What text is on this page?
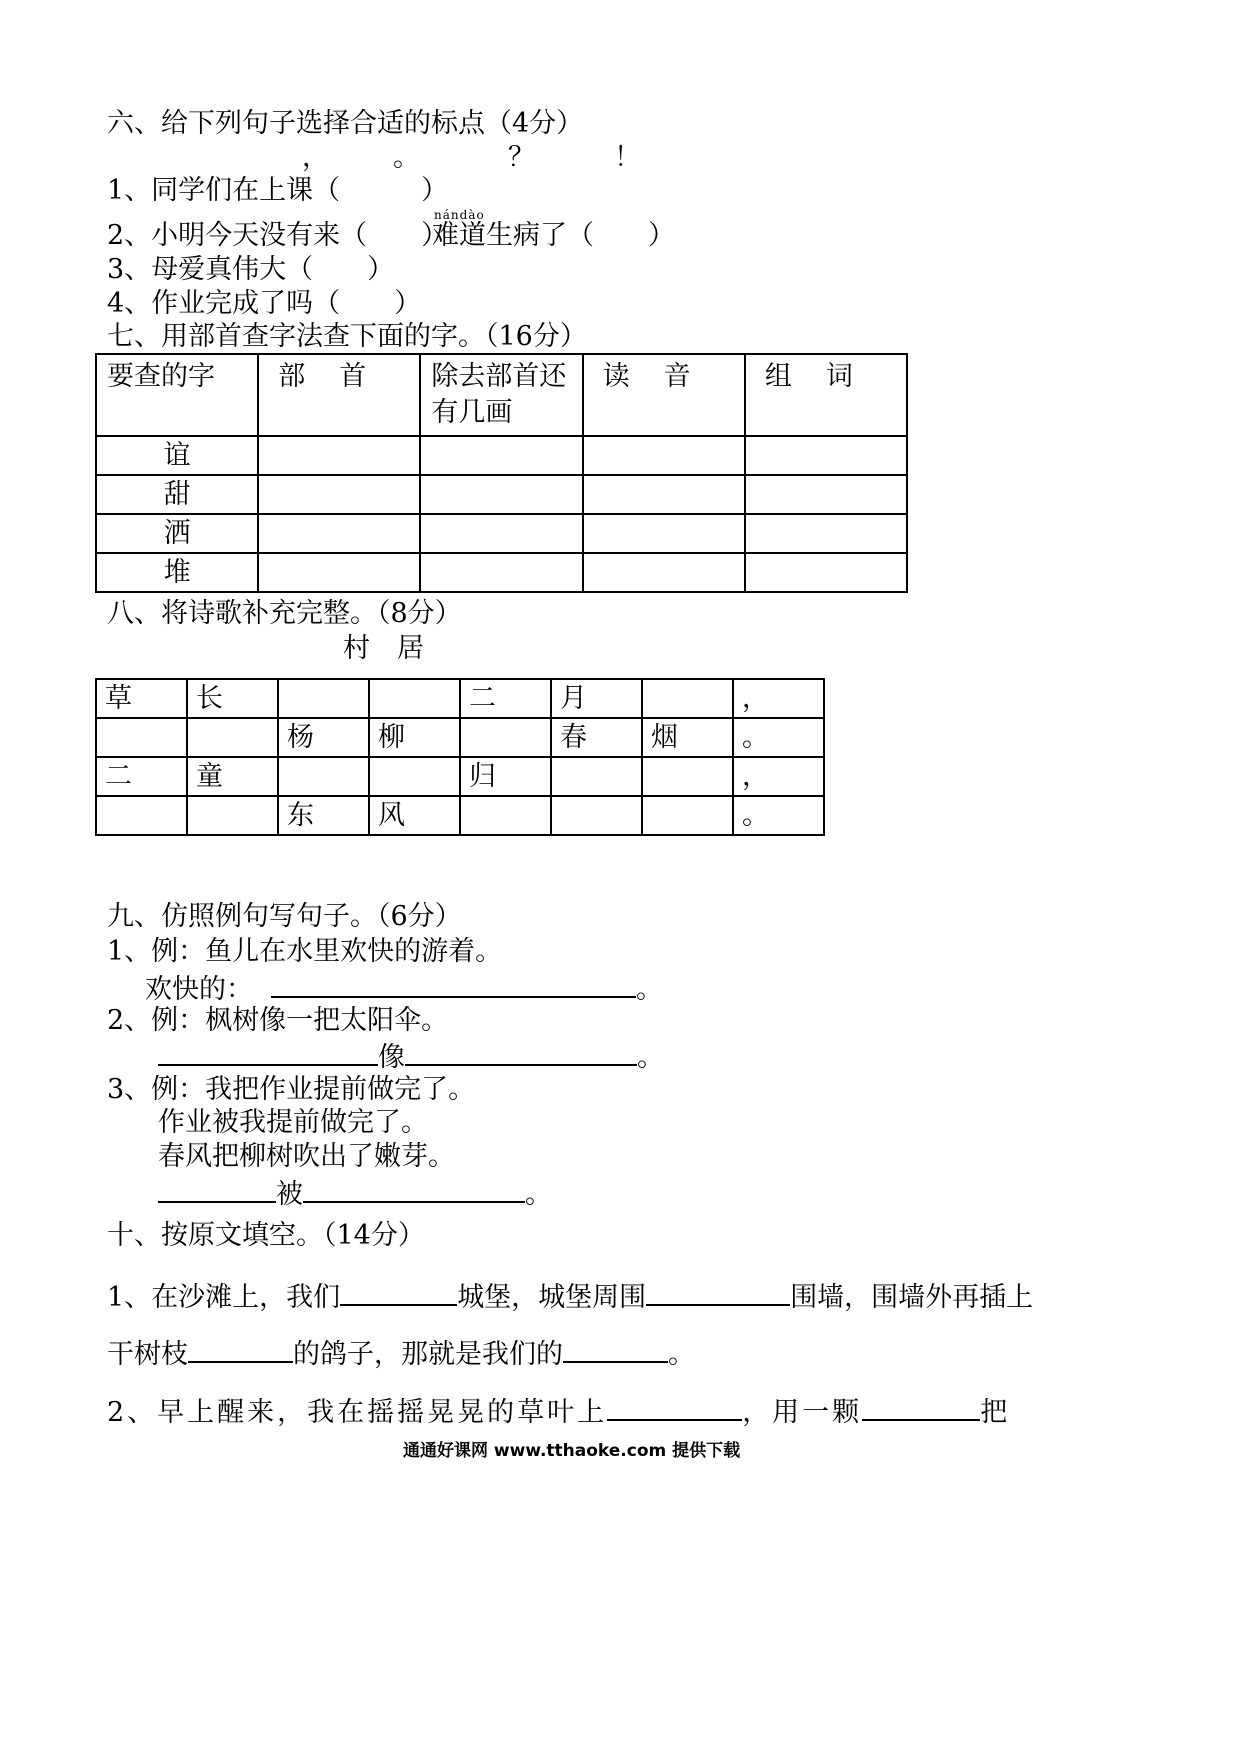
六、给下列句子选择合适的标点（4分）
， 。	？	！
1、同学们在上课（　　　）
nándào
2、小明今天没有来（　　）
难道生病了（　　）
3、母爱真伟大（　　）
4、作业完成了吗（　　）
七、用部首查字法查下面的字。（16分）
要查的字	部首	除去部首还
有几画	读音	组词
谊				
甜				
洒				
堆				
八、将诗歌补充完整。（8分）
村　居
草	长			二	月		，
		杨	柳		春	烟	。
二	童			归			，
		东	风				。
九、仿照例句写句子。（6分）
1、例：鱼儿在水里欢快的游着。
欢快的：	。
2、例：枫树像一把太阳伞。
像	。
3、例：我把作业提前做完了。
作业被我提前做完了。
春风把柳树吹出了嫩芽。
被	。
十、按原文填空。（14分）
1、在沙滩上，我们	城堡，城堡周围	围墙，围墙外再插上
干树枝	的鸽子，那就是我们的	。
2、早上醒来，我在摇摇晃晃的草叶上	，用一颗	把
通通好课网 www.tthaoke.com 提供下载
